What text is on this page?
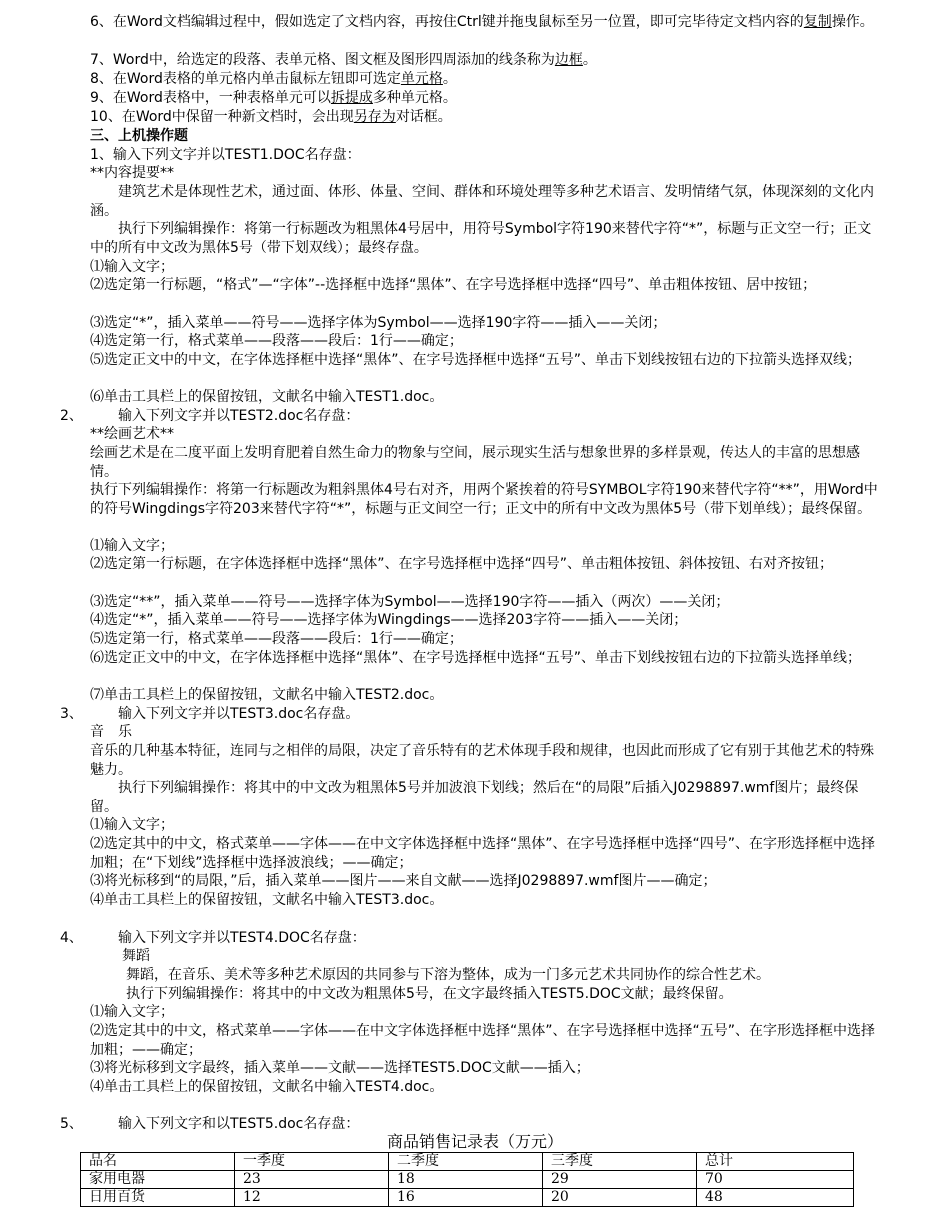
6、在Word文档编辑过程中，假如选定了文档内容，再按住Ctrl键并拖曳鼠标至另一位置，即可完毕待定文档内容的复制操作。
7、Word中，给选定的段落、表单元格、图文框及图形四周添加的线条称为边框。
8、在Word表格的单元格内单击鼠标左钮即可选定单元格。
9、在Word表格中，一种表格单元可以拆提成多种单元格。
10、在Word中保留一种新文档时，会出现另存为对话框。
三、上机操作题
1、输入下列文字并以TEST1.DOC名存盘：
**内容提要**
　　建筑艺术是体现性艺术，通过面、体形、体量、空间、群体和环境处理等多种艺术语言、发明情绪气氛，体现深刻的文化内涵。
　　执行下列编辑操作：将第一行标题改为粗黑体4号居中，用符号Symbol字符190来替代字符“*”，标题与正文空一行；正文中的所有中文改为黑体5号（带下划双线）；最终存盘。
⑴输入文字；
⑵选定第一行标题，“格式”—“字体”--选择框中选择“黑体”、在字号选择框中选择“四号”、单击粗体按钮、居中按钮；
⑶选定“*”，插入菜单——符号——选择字体为Symbol——选择190字符——插入——关闭；
⑷选定第一行，格式菜单——段落——段后：1行——确定；
⑸选定正文中的中文，在字体选择框中选择“黑体”、在字号选择框中选择“五号”、单击下划线按钮右边的下拉箭头选择双线；
⑹单击工具栏上的保留按钮，文献名中输入TEST1.doc。
2、	输入下列文字并以TEST2.doc名存盘：
**绘画艺术**
绘画艺术是在二度平面上发明育肥着自然生命力的物象与空间，展示现实生活与想象世界的多样景观，传达人的丰富的思想感情。
执行下列编辑操作：将第一行标题改为粗斜黑体4号右对齐，用两个紧挨着的符号SYMBOL字符190来替代字符“**”，用Word中的符号Wingdings字符203来替代字符“*”，标题与正文间空一行；正文中的所有中文改为黑体5号（带下划单线）；最终保留。
⑴输入文字；
⑵选定第一行标题，在字体选择框中选择“黑体”、在字号选择框中选择“四号”、单击粗体按钮、斜体按钮、右对齐按钮；
⑶选定“**”，插入菜单——符号——选择字体为Symbol——选择190字符——插入（两次）——关闭；
⑷选定“*”，插入菜单——符号——选择字体为Wingdings——选择203字符——插入——关闭；
⑸选定第一行，格式菜单——段落——段后：1行——确定；
⑹选定正文中的中文，在字体选择框中选择“黑体”、在字号选择框中选择“五号”、单击下划线按钮右边的下拉箭头选择单线；
⑺单击工具栏上的保留按钮，文献名中输入TEST2.doc。
3、	输入下列文字并以TEST3.doc名存盘。
音　乐
音乐的几种基本特征，连同与之相伴的局限，决定了音乐特有的艺术体现手段和规律，也因此而形成了它有别于其他艺术的特殊魅力。
　　执行下列编辑操作：将其中的中文改为粗黑体5号并加波浪下划线；然后在“的局限”后插入J0298897.wmf图片；最终保留。
⑴输入文字；
⑵选定其中的中文，格式菜单——字体——在中文字体选择框中选择“黑体”、在字号选择框中选择“四号”、在字形选择框中选择加粗；在“下划线”选择框中选择波浪线；——确定；
⑶将光标移到“的局限，”后，插入菜单——图片——来自文献——选择J0298897.wmf图片——确定；
⑷单击工具栏上的保留按钮，文献名中输入TEST3.doc。
4、	输入下列文字并以TEST4.DOC名存盘：
舞蹈
舞蹈，在音乐、美术等多种艺术原因的共同参与下溶为整体，成为一门多元艺术共同协作的综合性艺术。
执行下列编辑操作：将其中的中文改为粗黑体5号，在文字最终插入TEST5.DOC文献；最终保留。
⑴输入文字；
⑵选定其中的中文，格式菜单——字体——在中文字体选择框中选择“黑体”、在字号选择框中选择“五号”、在字形选择框中选择加粗；——确定；
⑶将光标移到文字最终，插入菜单——文献——选择TEST5.DOC文献——插入；
⑷单击工具栏上的保留按钮，文献名中输入TEST4.doc。
5、	输入下列文字和以TEST5.doc名存盘：
商品销售记录表（万元）
品名	一季度	二季度	三季度	总计
家用电器	23	18	29	70
日用百货	12	16	20	48
